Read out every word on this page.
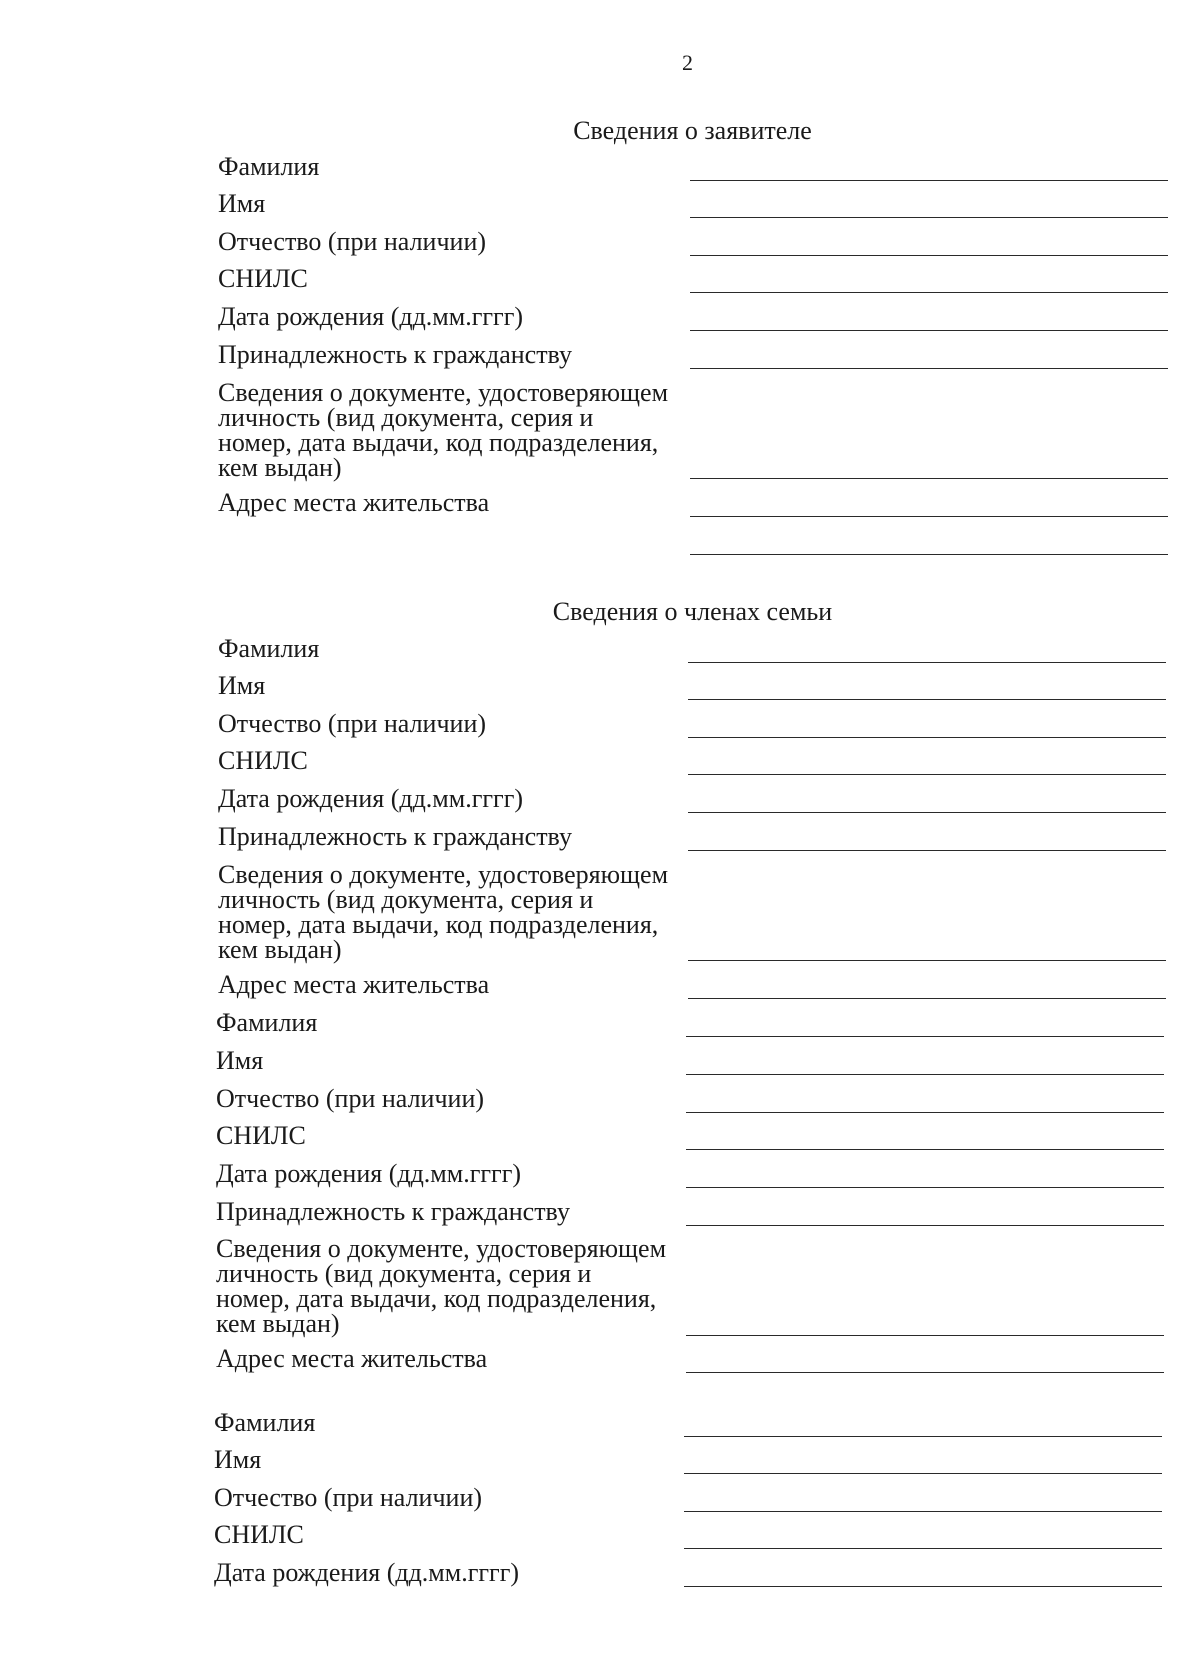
2
Сведения о заявителе
Фамилия
Имя
Отчество (при наличии)
СНИЛС
Дата рождения (дд.мм.гггг)
Принадлежность к гражданству
Сведения о документе, удостоверяющем
личность (вид документа, серия и
номер, дата выдачи, код подразделения,
кем выдан)
Адрес места жительства
Сведения о членах семьи
Фамилия
Имя
Отчество (при наличии)
СНИЛС
Дата рождения (дд.мм.гггг)
Принадлежность к гражданству
Сведения о документе, удостоверяющем
личность (вид документа, серия и
номер, дата выдачи, код подразделения,
кем выдан)
Адрес места жительства
Фамилия
Имя
Отчество (при наличии)
СНИЛС
Дата рождения (дд.мм.гггг)
Принадлежность к гражданству
Сведения о документе, удостоверяющем
личность (вид документа, серия и
номер, дата выдачи, код подразделения,
кем выдан)
Адрес места жительства
Фамилия
Имя
Отчество (при наличии)
СНИЛС
Дата рождения (дд.мм.гггг)
